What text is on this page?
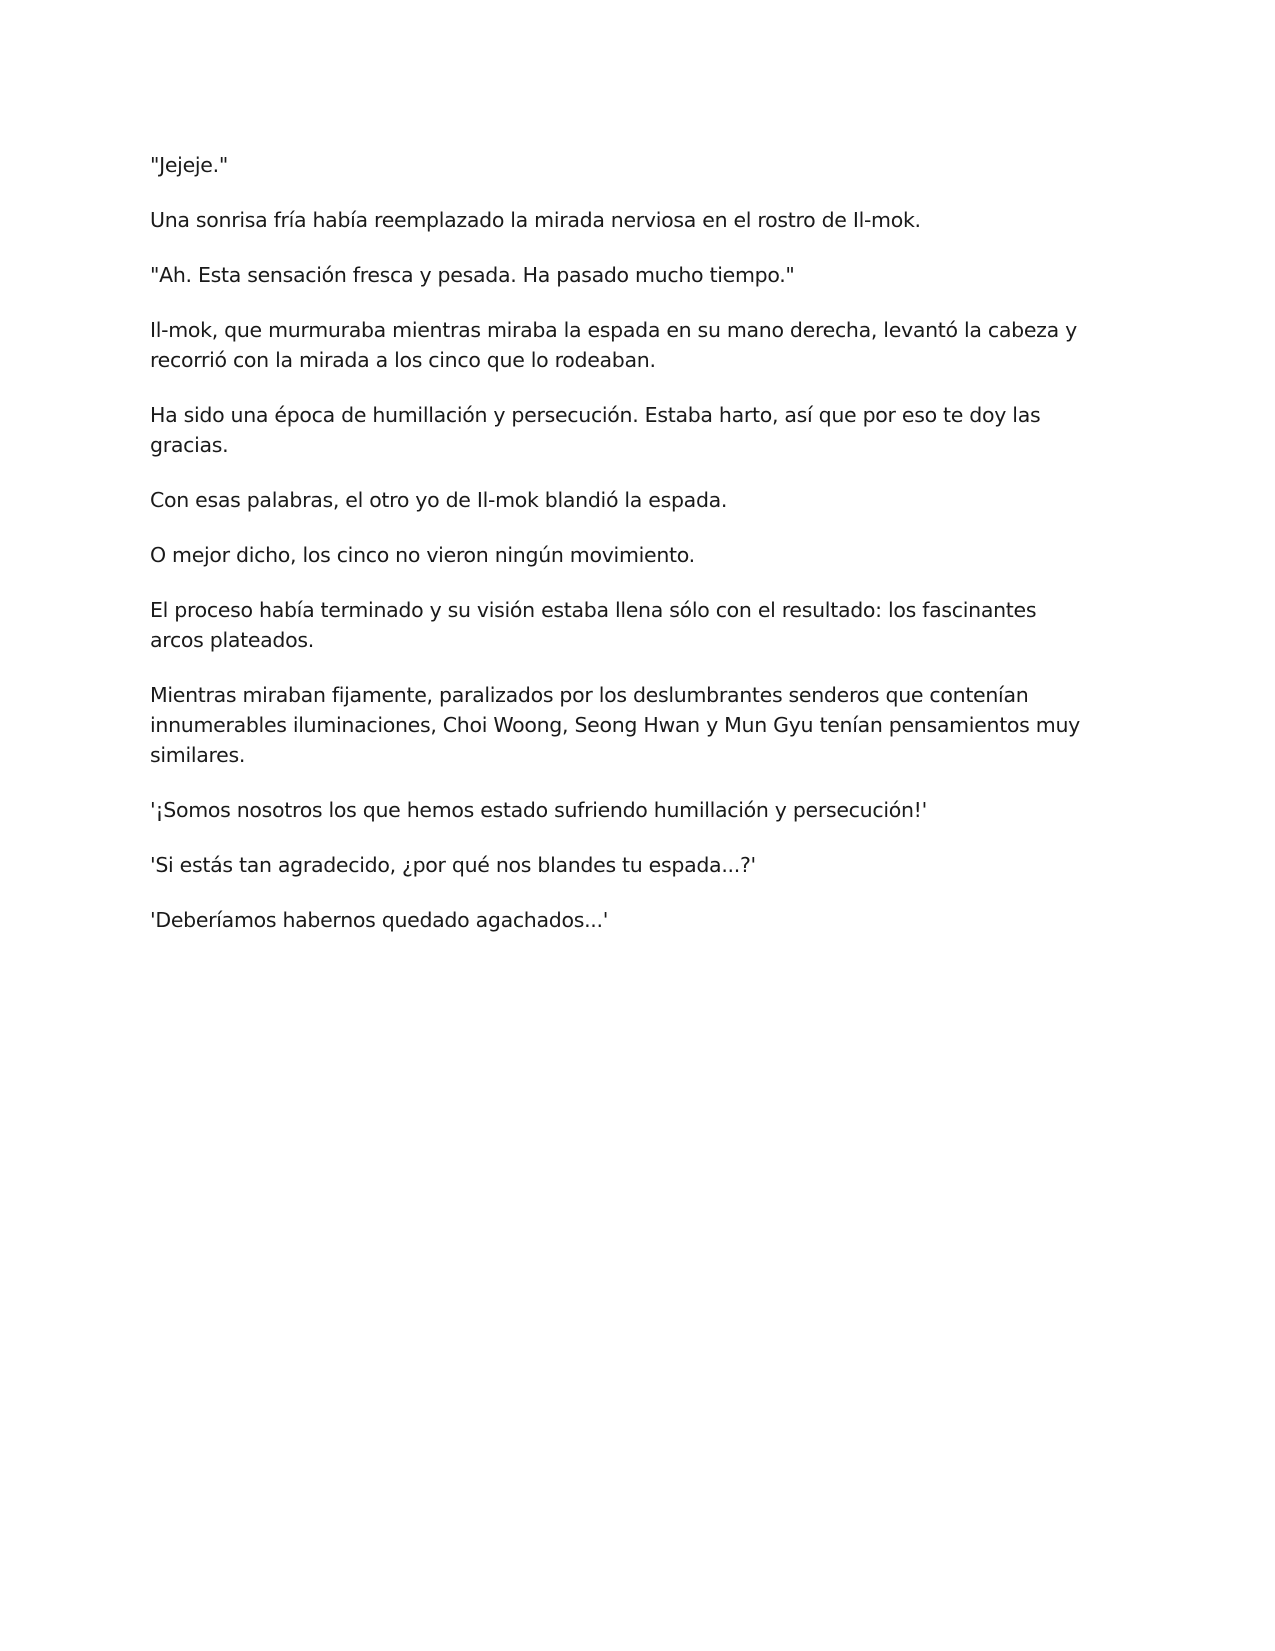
"Jejeje."

Una sonrisa fría había reemplazado la mirada nerviosa en el rostro de Il-mok.

"Ah. Esta sensación fresca y pesada. Ha pasado mucho tiempo."

Il-mok, que murmuraba mientras miraba la espada en su mano derecha, levantó la cabeza y recorrió con la mirada a los cinco que lo rodeaban.

Ha sido una época de humillación y persecución. Estaba harto, así que por eso te doy las gracias.

Con esas palabras, el otro yo de Il-mok blandió la espada.

O mejor dicho, los cinco no vieron ningún movimiento.

El proceso había terminado y su visión estaba llena sólo con el resultado: los fascinantes arcos plateados.

Mientras miraban fijamente, paralizados por los deslumbrantes senderos que contenían innumerables iluminaciones, Choi Woong, Seong Hwan y Mun Gyu tenían pensamientos muy similares.

'¡Somos nosotros los que hemos estado sufriendo humillación y persecución!'

'Si estás tan agradecido, ¿por qué nos blandes tu espada...?'

'Deberíamos habernos quedado agachados...'
